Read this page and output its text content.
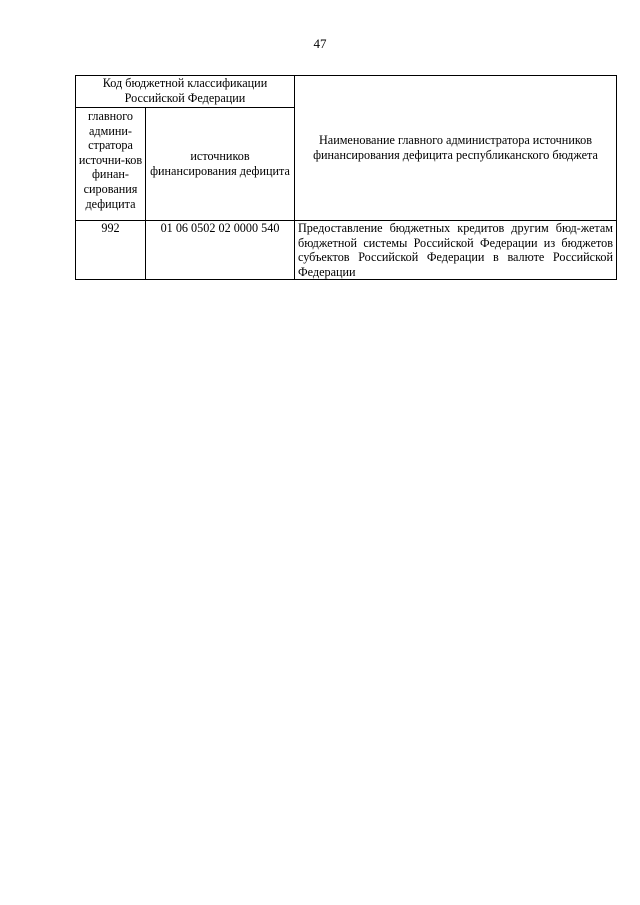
47
Код бюджетной классификации Российской Федерации		Наименование главного администратора источников финансирования дефицита республиканского бюджета
главного админи-стратора источни-ков финан-сирования дефицита	источников финансирования дефицита	
992	01 06 0502 02 0000 540	Предоставление бюджетных кредитов другим бюд-жетам бюджетной системы Российской Федерации из бюджетов субъектов Российской Федерации в валюте Российской Федерации
